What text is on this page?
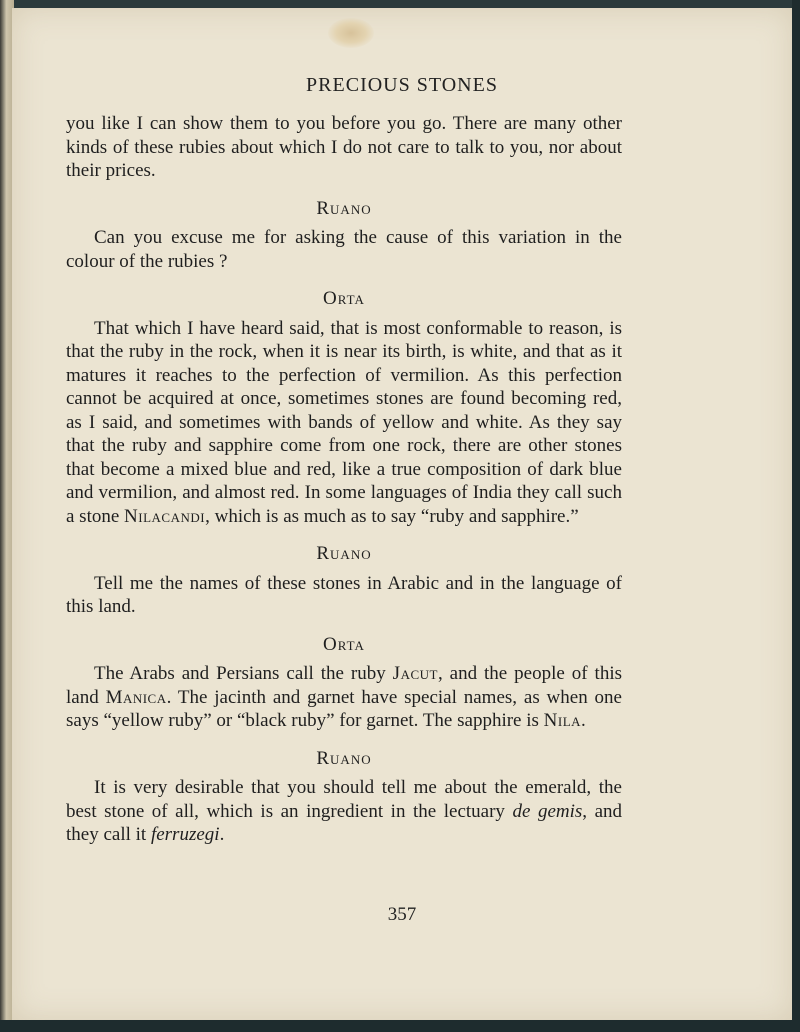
PRECIOUS STONES

you like I can show them to you before you go. There are many other kinds of these rubies about which I do not care to talk to you, nor about their prices.

Ruano

Can you excuse me for asking the cause of this variation in the colour of the rubies ?

Orta

That which I have heard said, that is most conformable to reason, is that the ruby in the rock, when it is near its birth, is white, and that as it matures it reaches to the perfection of vermilion. As this perfection cannot be acquired at once, sometimes stones are found becoming red, as I said, and sometimes with bands of yellow and white. As they say that the ruby and sapphire come from one rock, there are other stones that become a mixed blue and red, like a true composition of dark blue and vermilion, and almost red. In some languages of India they call such a stone Nilacandi, which is as much as to say “ruby and sapphire.”

Ruano

Tell me the names of these stones in Arabic and in the language of this land.

Orta

The Arabs and Persians call the ruby Jacut, and the people of this land Manica. The jacinth and garnet have special names, as when one says “yellow ruby” or “black ruby” for garnet. The sapphire is Nila.

Ruano

It is very desirable that you should tell me about the emerald, the best stone of all, which is an ingredient in the lectuary de gemis, and they call it ferruzegi.

357
